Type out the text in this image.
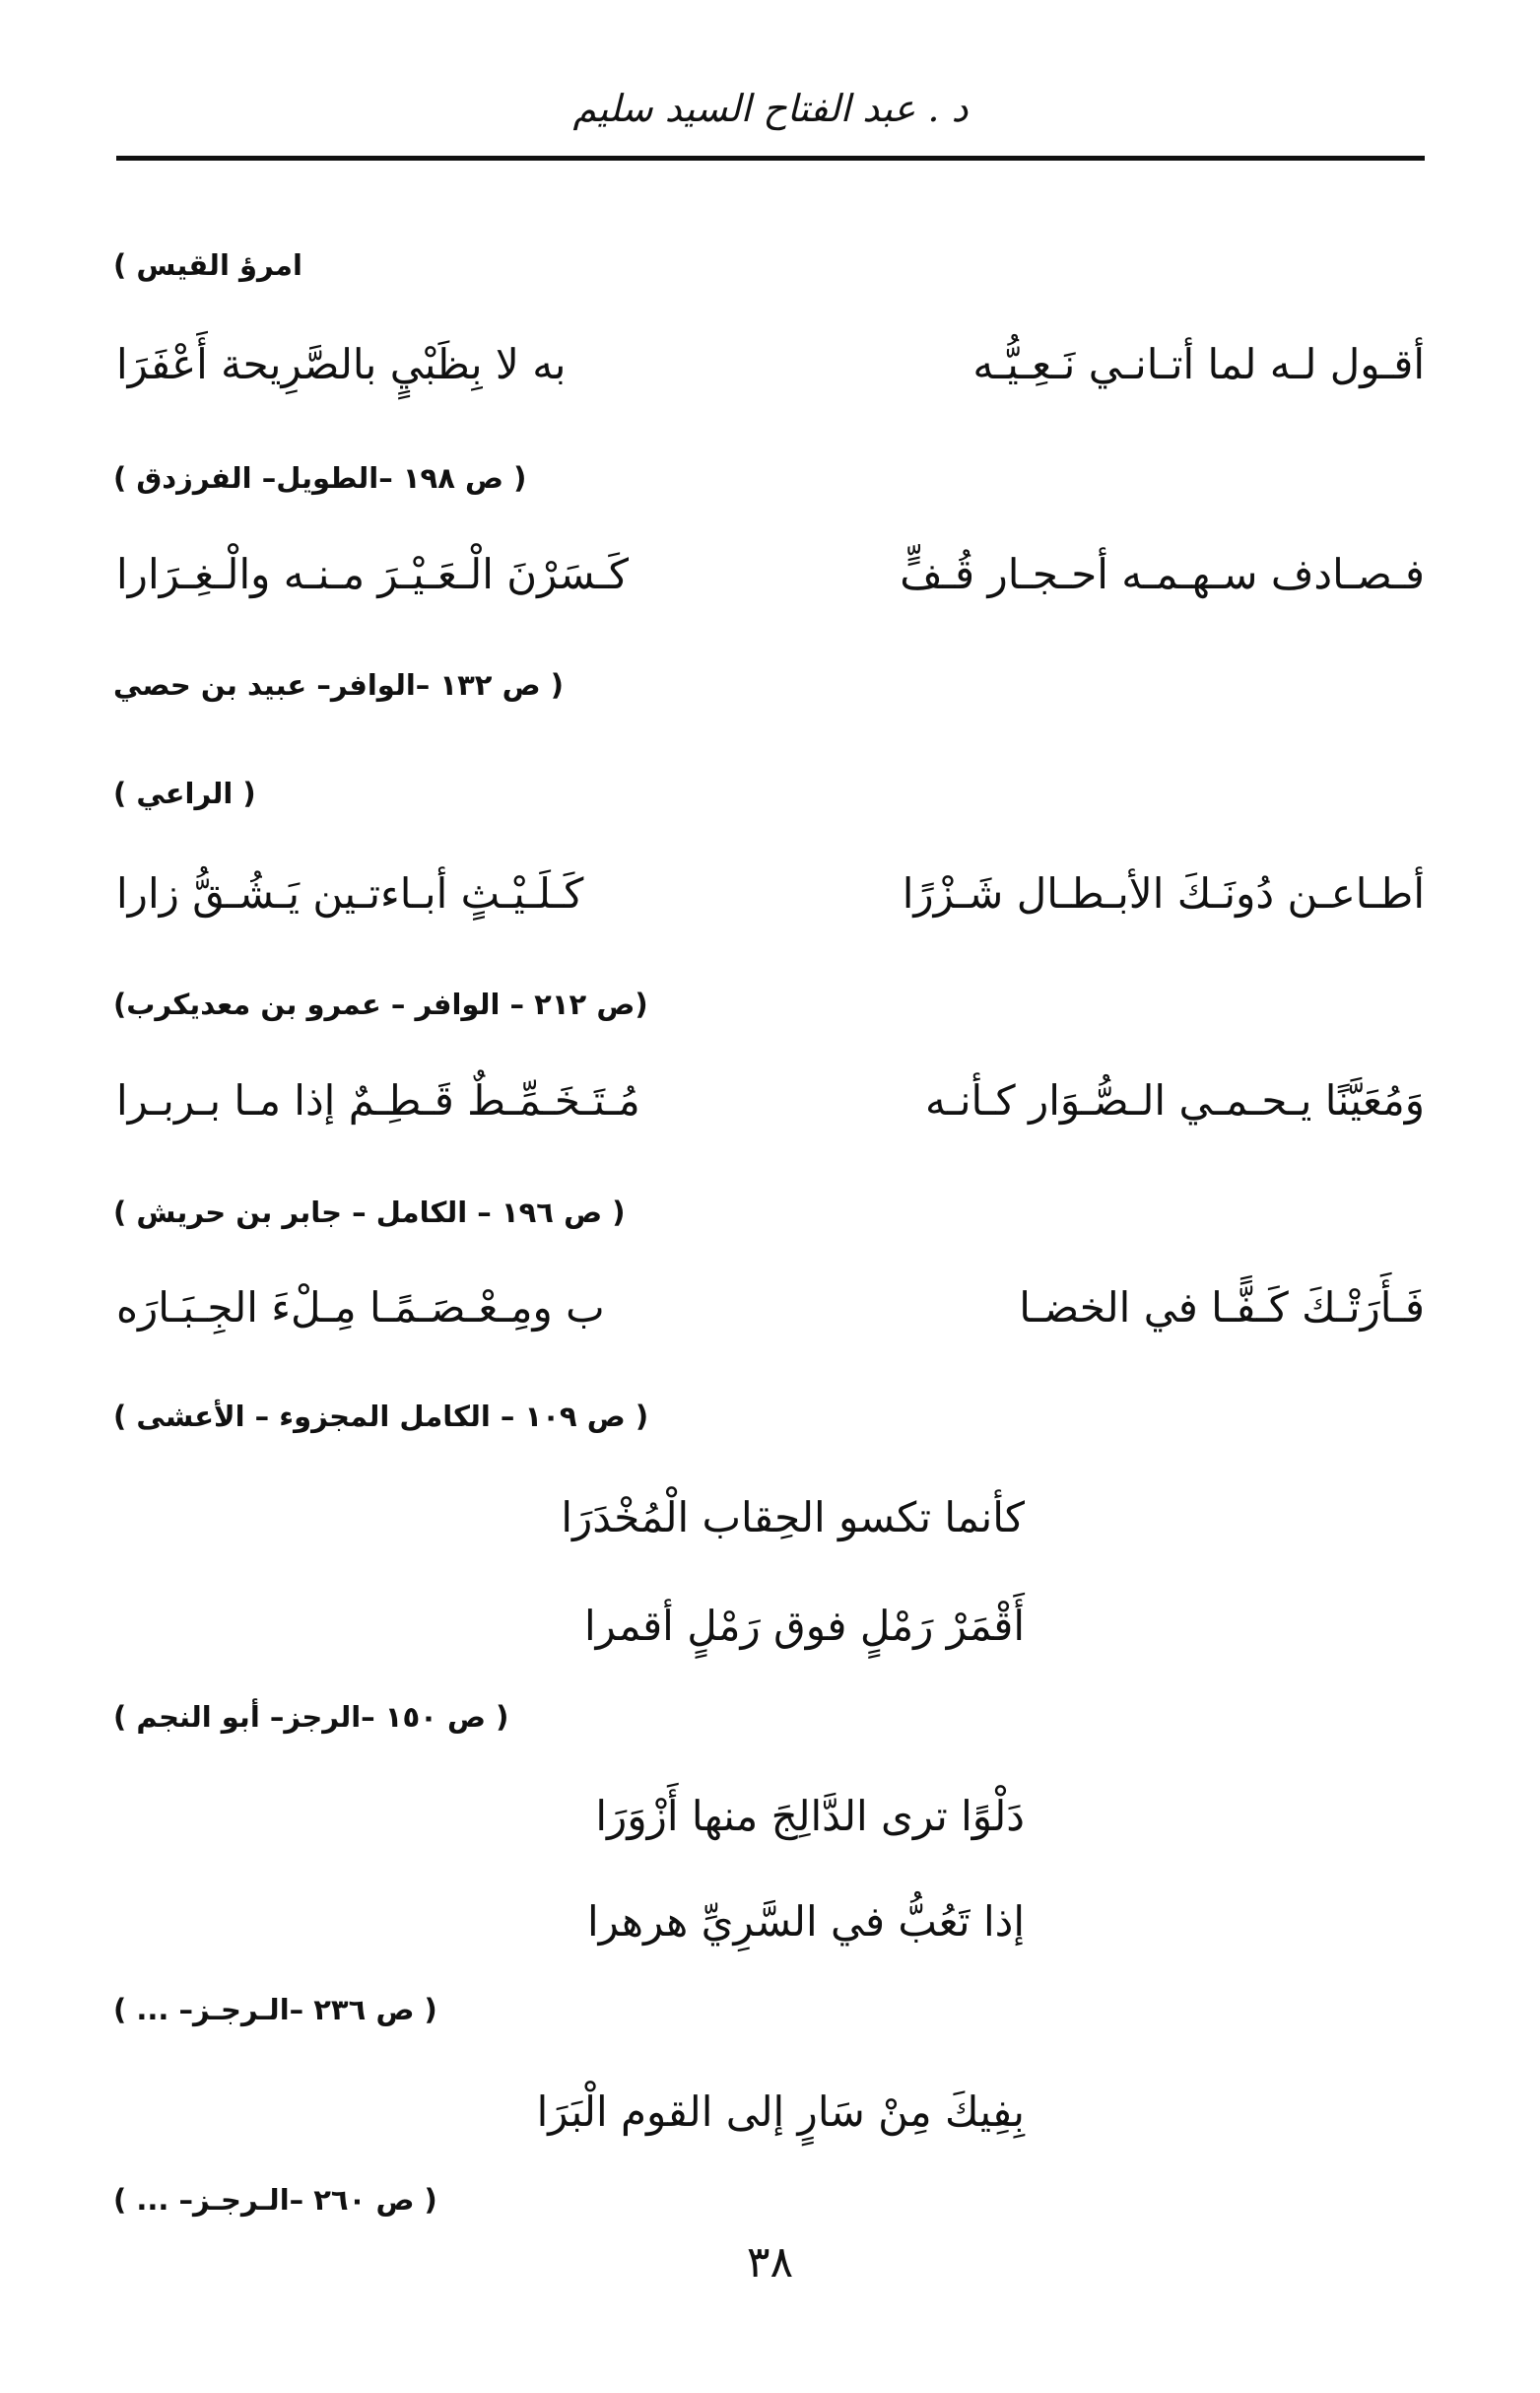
د . عبد الفتاح السيد سليم
امرؤ القيس )
أقـول لـه لما أتـانـي نَـعِـيُّـه
به لا بِظَبْيٍ بالصَّرِيحة أَعْفَرَا
( ص ١٩٨ –الطويل– الفرزدق )
فـصـادف سـهـمـه أحـجـار قُـفٍّ
كَـسَرْنَ الْـعَـيْـرَ مـنـه والْـغِـرَارا
( ص ١٣٢ –الوافر– عبيد بن حصي
( الراعي )
أطـاعـن دُونَـكَ الأبـطـال شَـزْرًا
كَـلَـيْـثٍ أبـاءتـين يَـشُـقُّ زارا
(ص ٢١٢ – الوافر – عمرو بن معديكرب)
وَمُعَيَّنًا يـحـمـي الـصُّـوَار كـأنـه
مُـتَـخَـمِّـطٌ قَـطِـمٌ إذا مـا بـربـرا
( ص ١٩٦ – الكامل – جابر بن حريش )
فَـأَرَتْـكَ كَـفًّـا في الخضـا
ب ومِـعْـصَـمًـا مِـلْءَ الجِـبَـارَه
( ص ١٠٩ – الكامل المجزوء – الأعشى )
كأنما تكسو الحِقاب الْمُخْدَرَا
أَقْمَرْ رَمْلٍ فوق رَمْلٍ أقمرا
( ص ١٥٠ –الرجز– أبو النجم )
دَلْوًا ترى الدَّالِجَ منها أَزْوَرَا
إذا تَعُبُّ في السَّرِيِّ هرهرا
( ص ٢٣٦ –الـرجـز– ... )
بِفِيكَ مِنْ سَارٍ إلى القوم الْبَرَا
( ص ٢٦٠ –الـرجـز– ... )
٣٨
